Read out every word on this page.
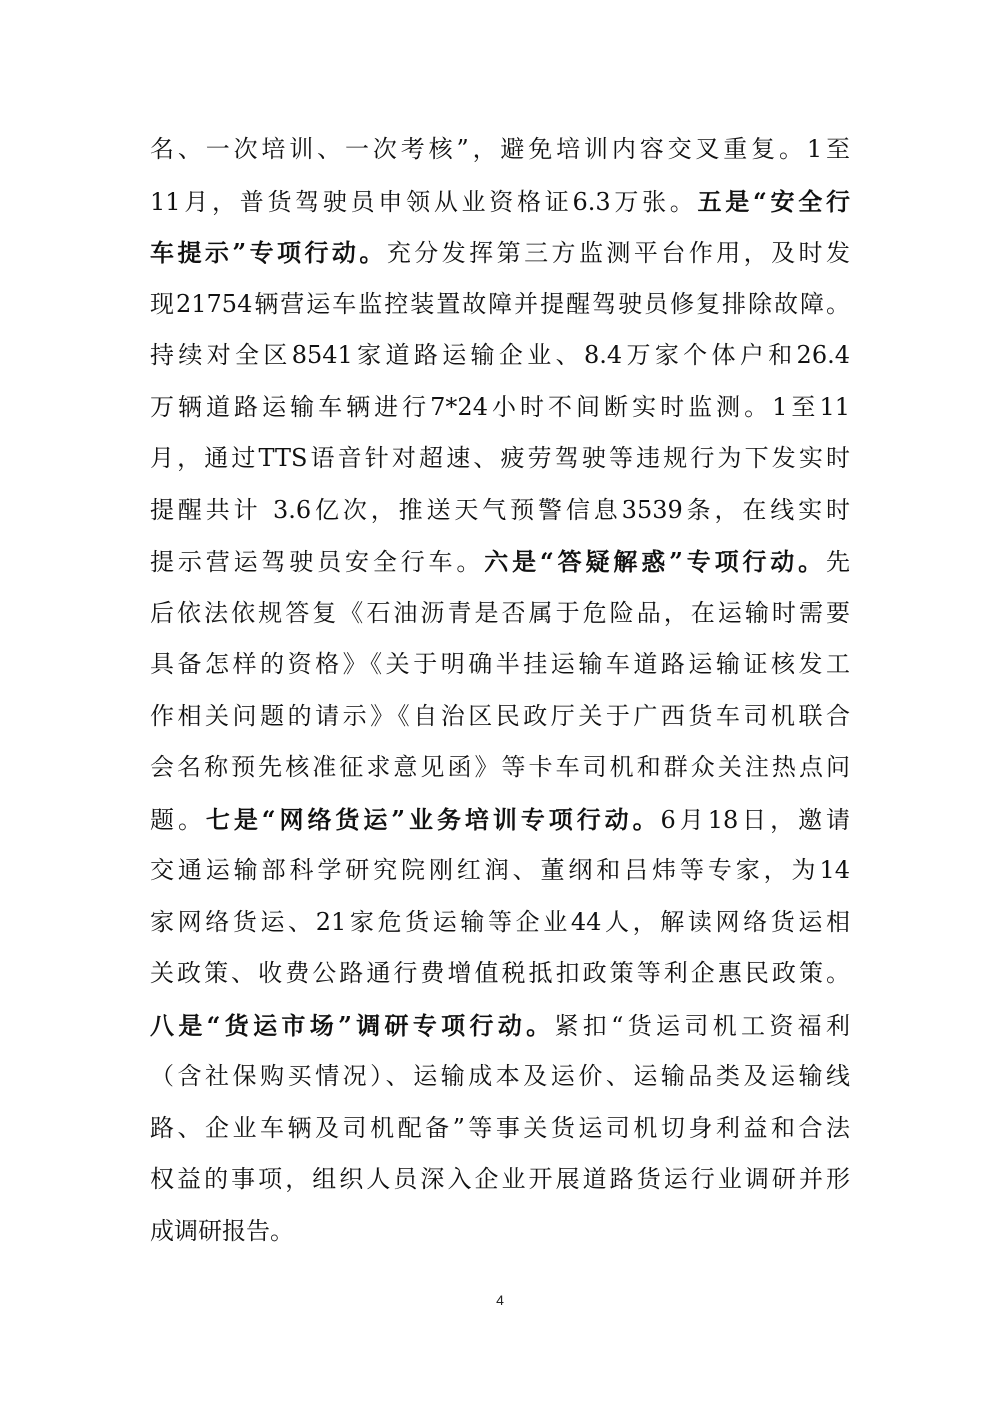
名、一次培训、一次考核”，避免培训内容交叉重复。1至
11月，普货驾驶员申领从业资格证6.3万张。五是“安全行
车提示”专项行动。充分发挥第三方监测平台作用，及时发
现21754辆营运车监控装置故障并提醒驾驶员修复排除故障。
持续对全区8541家道路运输企业、8.4万家个体户和26.4
万辆道路运输车辆进行7*24小时不间断实时监测。1至11
月，通过TTS语音针对超速、疲劳驾驶等违规行为下发实时
提醒共计 3.6亿次，推送天气预警信息3539条，在线实时
提示营运驾驶员安全行车。六是“答疑解惑”专项行动。先
后依法依规答复《石油沥青是否属于危险品，在运输时需要
具备怎样的资格》《关于明确半挂运输车道路运输证核发工
作相关问题的请示》《自治区民政厅关于广西货车司机联合
会名称预先核准征求意见函》等卡车司机和群众关注热点问
题。七是“网络货运”业务培训专项行动。6月18日，邀请
交通运输部科学研究院刚红润、董纲和吕炜等专家，为14
家网络货运、21家危货运输等企业44人，解读网络货运相
关政策、收费公路通行费增值税抵扣政策等利企惠民政策。
八是“货运市场”调研专项行动。紧扣“货运司机工资福利
（含社保购买情况）、运输成本及运价、运输品类及运输线
路、企业车辆及司机配备”等事关货运司机切身利益和合法
权益的事项，组织人员深入企业开展道路货运行业调研并形
成调研报告。
4
